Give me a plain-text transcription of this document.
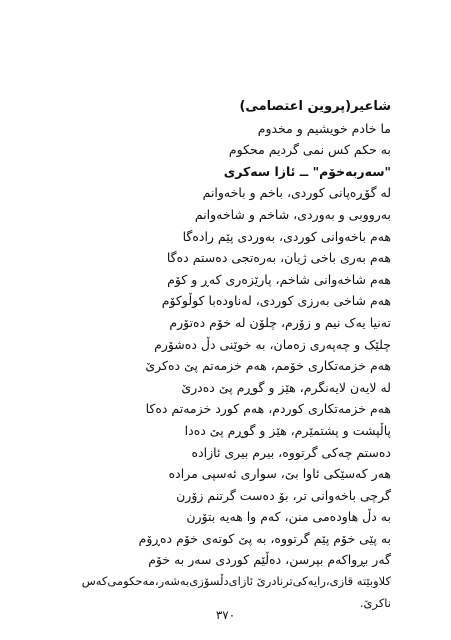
شاعیر(پروین اعتصامی)

ما خادم خویشیم و مخدوم

به حکم کس نمی گردیم محکوم

"سەربەخۆم" ــ ئازا سەکری

لە گۆڕەپانی کوردی، باخم و باخەوانم

بەرووبی و بەوردی، شاخم و شاخەوانم

هەم باخەوانی کوردی، بەوردی پێم رادەگا

هەم بەری باخی ژیان، بەرەتجی دەستم دەگا

هەم شاخەوانی شاخم، پارێزەری کەڕ و کۆم

هەم شاخی بەرزی کوردی، لەناودەبا کوڵوکۆم

تەنیا یەک نیم و زۆرم، چلۆن لە خۆم دەتۆرم

چلێک و چەپەری زەمان، بە خوێنی دڵ دەشۆرم

هەم خزمەتکاری خۆمم، هەم خزمەتم پێ دەکرێ

لە لایەن لایەنگرم، هێز و گوڕم پێ دەدرێ

هەم خزمەتکاری کوردم، هەم کورد خزمەتم دەکا

پاڵپشت و پشتمێرم، هێز و گوڕم پێ دەدا

دەستم چەکی گرتووە، بیرم بیری ئازادە

هەر کەسێکی ئاوا بێ، سواری ئەسپی مرادە

گرچی باخەوانی تر، بۆ دەست گرتنم زۆرن

بە دڵ هاودەمی منن، کەم وا هەیە بتۆرن

بە پێی خۆم پێم گرتووە، بە پێ کوتەی خۆم دەڕۆم

گەر بڕواکەم بپرسن، دەڵێم کوردی سەر بە خۆم

کلاوبێتە قازی،رایەکی‌ترنادرێ ئازای‌دڵسۆزی‌بەشەر،مەحکومی‌کەس ناکرێ.

٣٧٠
